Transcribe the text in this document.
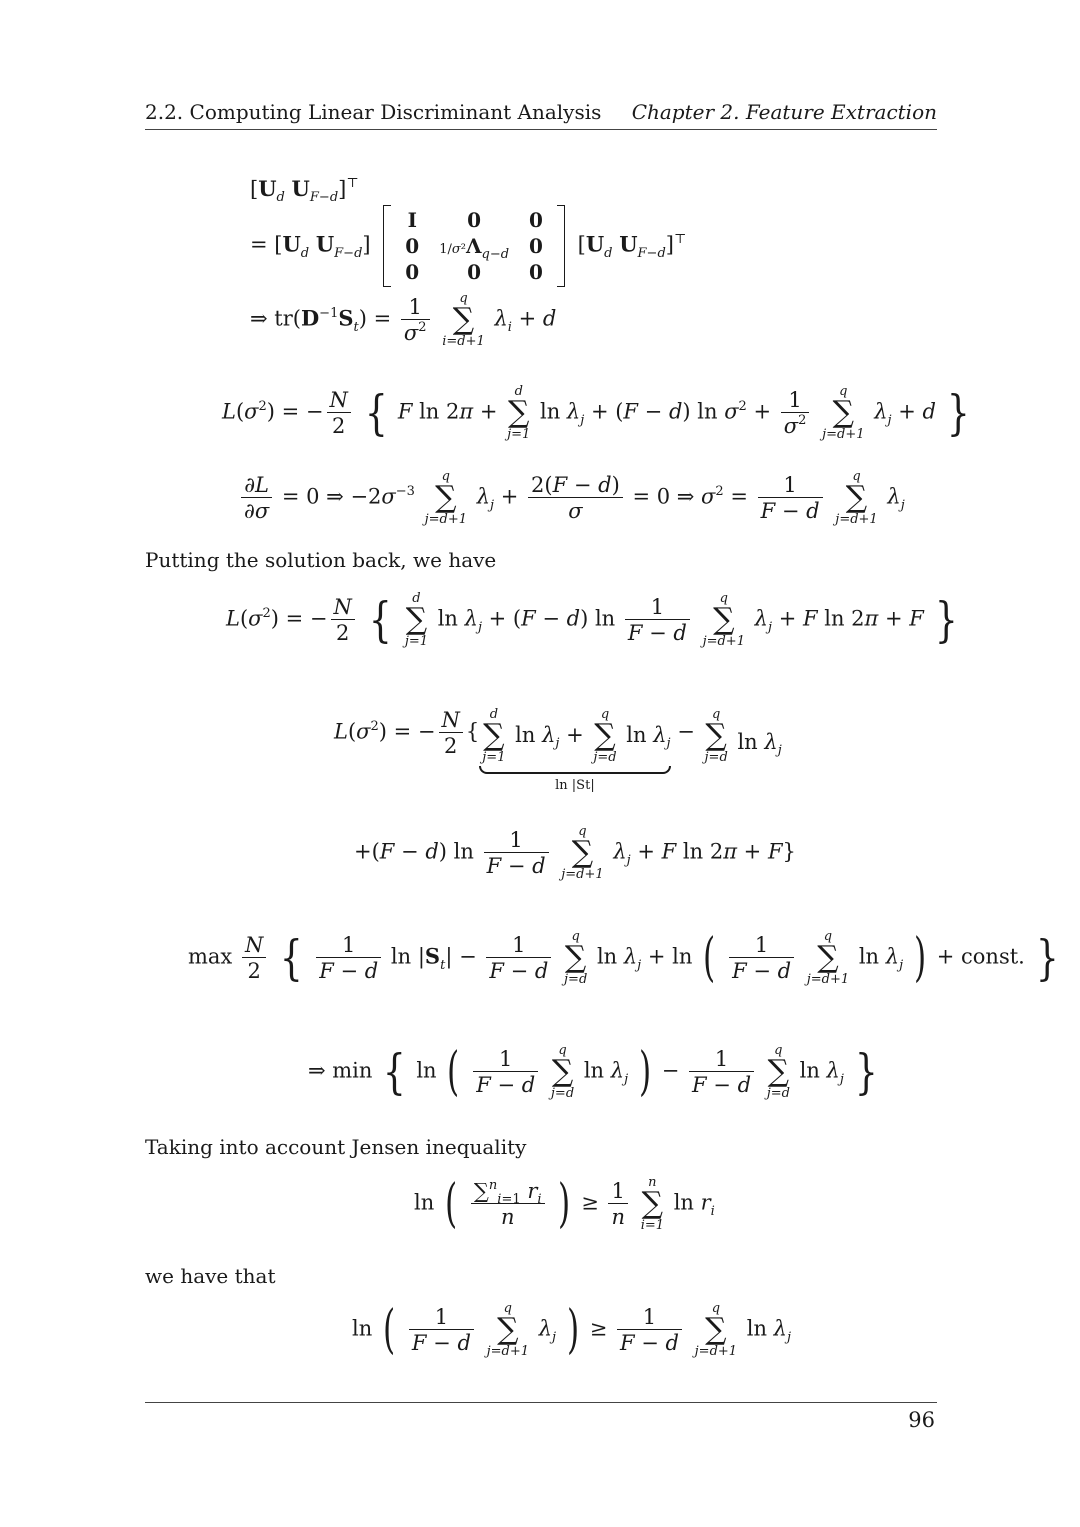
2.2. Computing Linear Discriminant Analysis Chapter 2. Feature Extraction
[$U_d$ $U_{F-d}]^⊤$
= [$U_d$ $U_{F-d}$]
I	0	0
0	$1/\sigma^2\Lambda_{q-d}$	0
0	0	0
[$U_d$ $U_{F-d}]^⊤$
⇒ $tr(D^{-1}S_t) = \frac{1}{\sigma^2}$
	q
∑
i=d+1
$\lambda_i + d$
$L(\sigma^2)$ = − $\frac{N}{2}$ { F ln 2π +
d
∑
j=1
$\ln \lambda_j + (F - d)$ $\ln \sigma^2 + \frac{1}{\sigma^2}$
	q
∑
j=d+1
$\lambda_j + d$ }
$\frac{\partial L}{\partial\sigma} = 0$ ⇒ $-2\sigma^{-3}$
q
∑
j=d+1
$\lambda_j + \frac{2(F - d)}{\sigma} = 0$ ⇒ $\sigma^2 = \frac{1}{F - d}$
	q
∑
j=d+1
$\lambda_j$
Putting the solution back, we have
$L(\sigma^2)$ = − $\frac{N}{2}$ {	d
∑
j=1
$\ln \lambda_j + (F - d)$ $\ln \frac{1}{F - d}$
	q
∑
j=d+1
$\lambda_j + F$ ln 2π + F }
$L(\sigma^2)$ = − $\frac{N}{2}$ {
d
∑
j=1
$\ln \lambda_j$ +
q
∑
j=d
$\ln \lambda_j$
ln |St|
−
q
∑
j=d
$\ln \lambda_j$
+(F − d) $\ln \frac{1}{F - d}$
	q
∑
j=d+1
$\lambda_j + F$ ln 2π + F}
$\max \frac{N}{2}$ { $\frac{1}{F - d}$ $\ln |S_t| - \frac{1}{F - d}$
	q
∑
j=d
$\ln \lambda_j + \ln$ ( $\frac{1}{F - d}$
	q
∑
j=d+1
$\ln \lambda_j$ ) + const. }
⇒ min { ln ( $\frac{1}{F - d}$
	q
∑
j=d
$\ln \lambda_j$ ) − $\frac{1}{F - d}$
	q
∑
j=d
$\ln \lambda_j$ }
Taking into account Jensen inequality
ln ( $\frac{\sum^n_{i=1} r_i}{n}$ ) ≥ $\frac{1}{n}$
	n
∑
i=1
$\ln r_i$
we have that
ln ( $\frac{1}{F - d}$
	q
∑
j=d+1
$\lambda_j$ ) ≥ $\frac{1}{F - d}$
	q
∑
j=d+1
$\ln \lambda_j$
96
